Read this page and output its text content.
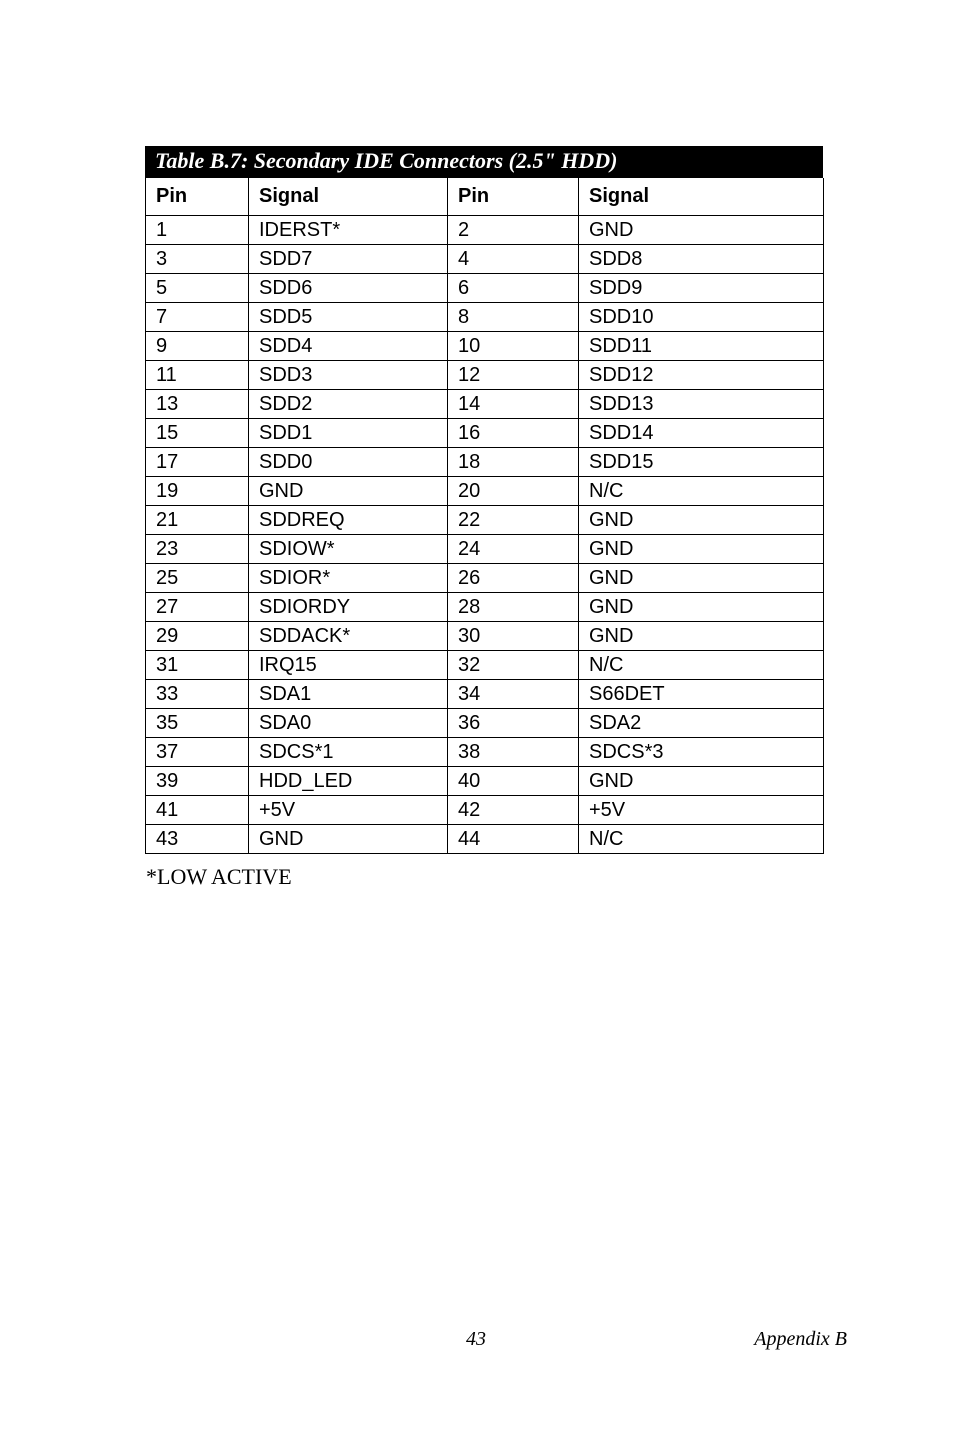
Table B.7: Secondary IDE Connectors (2.5" HDD)
Pin	Signal	Pin	Signal
1	IDERST*	2	GND
3	SDD7	4	SDD8
5	SDD6	6	SDD9
7	SDD5	8	SDD10
9	SDD4	10	SDD11
11	SDD3	12	SDD12
13	SDD2	14	SDD13
15	SDD1	16	SDD14
17	SDD0	18	SDD15
19	GND	20	N/C
21	SDDREQ	22	GND
23	SDIOW*	24	GND
25	SDIOR*	26	GND
27	SDIORDY	28	GND
29	SDDACK*	30	GND
31	IRQ15	32	N/C
33	SDA1	34	S66DET
35	SDA0	36	SDA2
37	SDCS*1	38	SDCS*3
39	HDD_LED	40	GND
41	+5V	42	+5V
43	GND	44	N/C
*LOW ACTIVE
43	Appendix B
